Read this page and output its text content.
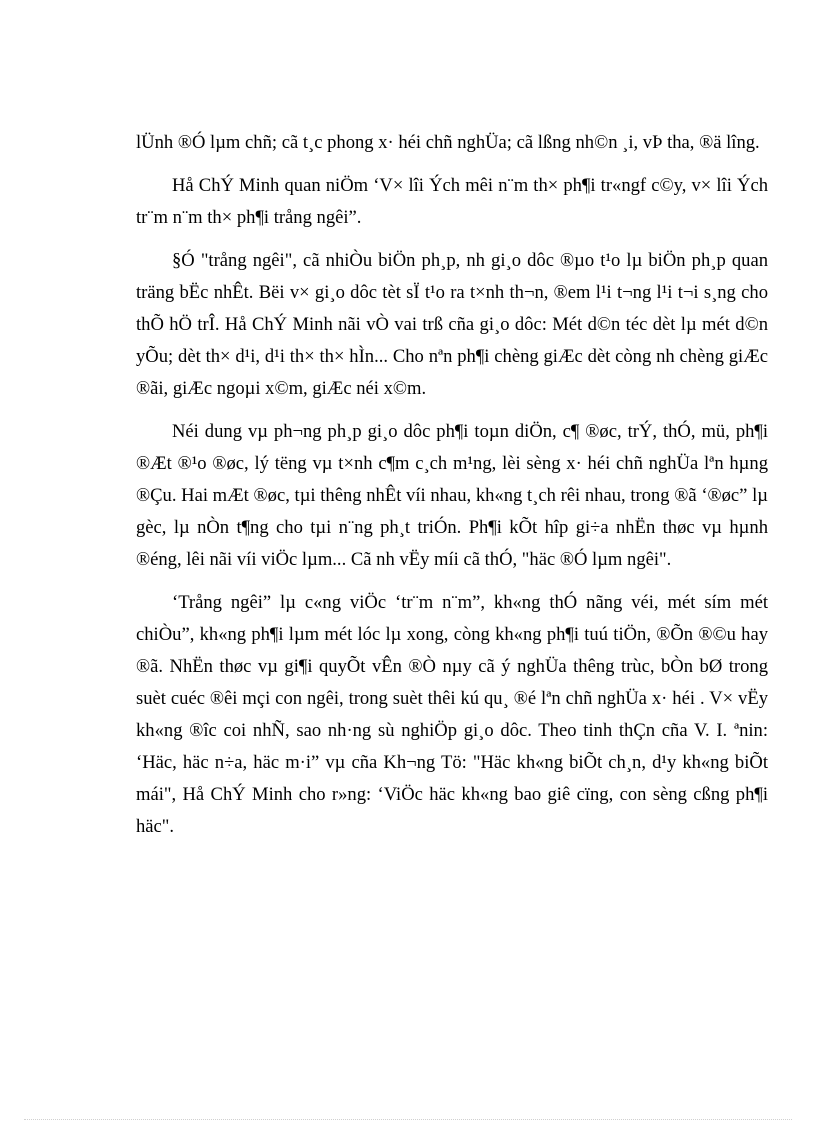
lÜnh ®Ó lµm chñ; cã t¸c phong x· héi chñ nghÜa; cã lßng nh©n ¸i, vÞ tha, ®ä lîng.

Hå ChÝ Minh quan niÖm ‘V× lîi Ých mêi n¨m th× ph¶i tr«ngf c©y, v× lîi Ých tr¨m n¨m th× ph¶i trång ngêi”.

§Ó "trång ngêi", cã nhiÒu biÖn ph¸p, nh gi¸o dôc ®µo t¹o lµ biÖn ph¸p quan träng bËc nhÊt. Bëi v× gi¸o dôc tèt sÏ t¹o ra t×nh th¬n, ®em l¹i t¬ng l¹i t¬i s¸ng cho thÕ hÖ trÎ. Hå ChÝ Minh nãi vÒ vai trß cña gi¸o dôc: Mét d©n téc dèt lµ mét d©n yÕu; dèt th× d¹i, d¹i th× th× hÌn... Cho nªn ph¶i chèng giÆc dèt còng nh chèng giÆc ®ãi, giÆc ngoµi x©m, giÆc néi x©m.

Néi dung vµ ph¬ng ph¸p gi¸o dôc ph¶i toµn diÖn, c¶ ®øc, trÝ, thÓ, mü, ph¶i ®Æt ®¹o ®øc, lý tëng vµ t×nh c¶m c¸ch m¹ng, lèi sèng x· héi chñ nghÜa lªn hµng ®Çu. Hai mÆt ®øc, tµi thêng nhÊt víi nhau, kh«ng t¸ch rêi nhau, trong ®ã ‘®øc” lµ gèc, lµ nÒn t¶ng cho tµi n¨ng ph¸t triÓn. Ph¶i kÕt hîp gi÷a nhËn thøc vµ hµnh ®éng, lêi nãi víi viÖc lµm... Cã nh vËy míi cã thÓ, "häc ®Ó lµm ngêi".

‘Trång ngêi” lµ c«ng viÖc ‘tr¨m n¨m”, kh«ng thÓ nãng véi, mét sím mét chiÒu”, kh«ng ph¶i lµm mét lóc lµ xong, còng kh«ng ph¶i tuú tiÖn, ®Õn ®©u hay ®ã. NhËn thøc vµ gi¶i quyÕt vÊn ®Ò nµy cã ý nghÜa thêng trùc, bÒn bØ trong suèt cuéc ®êi mçi con ngêi, trong suèt thêi kú qu¸ ®é lªn chñ nghÜa x· héi . V× vËy kh«ng ®îc coi nhÑ, sao nh·ng sù nghiÖp gi¸o dôc. Theo tinh thÇn cña V. I. ªnin: ‘Häc, häc n÷a, häc m·i” vµ cña Kh¬ng Tö: "Häc kh«ng biÕt ch¸n, d¹y kh«ng biÕt mái", Hå ChÝ Minh cho r»ng: ‘ViÖc häc kh«ng bao giê cïng, con sèng cßng ph¶i häc".
